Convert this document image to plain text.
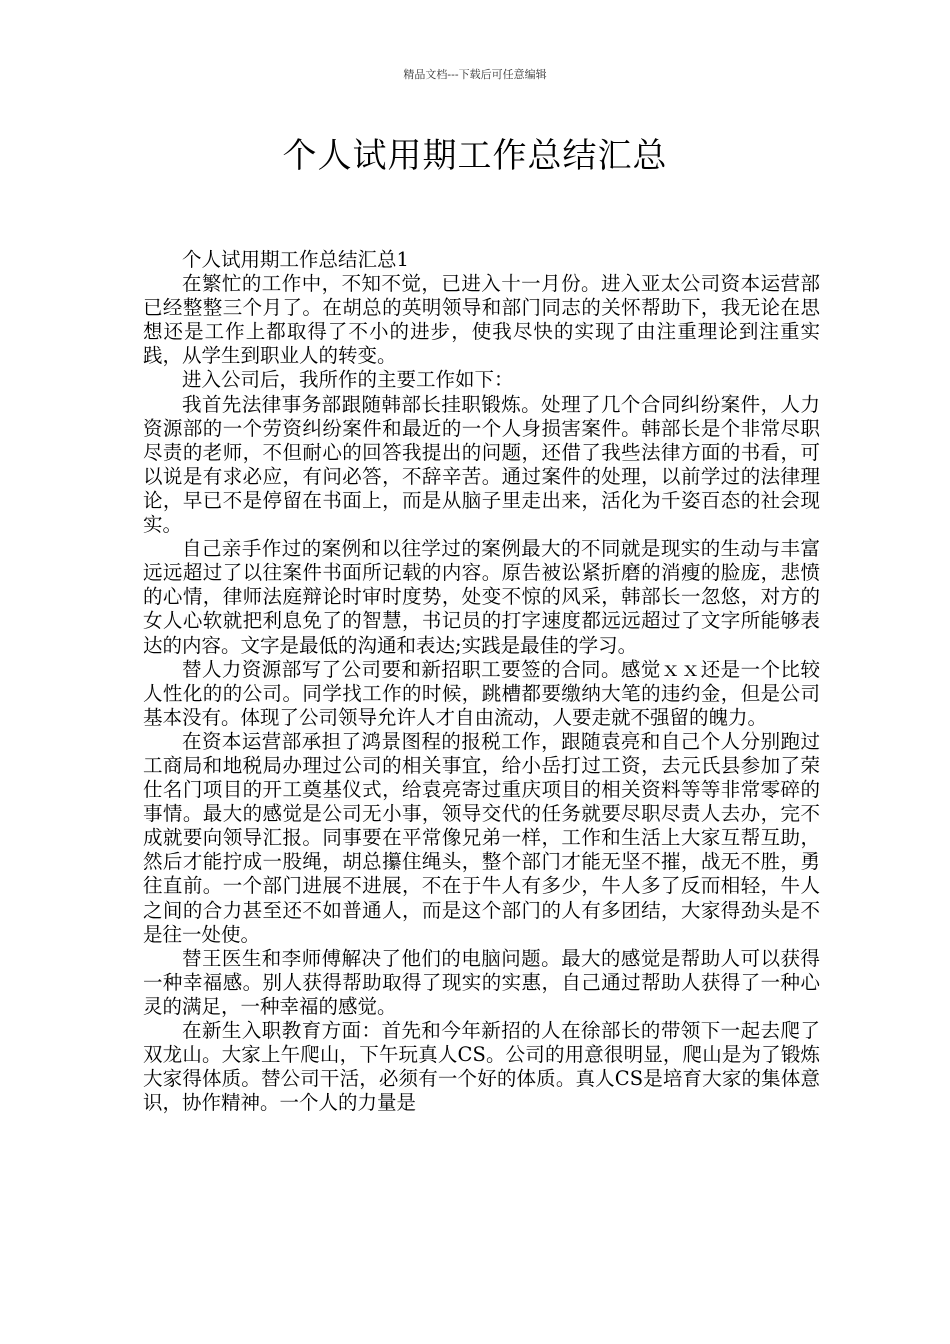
精品文档---下载后可任意编辑
个人试用期工作总结汇总

个人试用期工作总结汇总1

在繁忙的工作中，不知不觉，已进入十一月份。进入亚太公司资本运营部已经整整三个月了。在胡总的英明领导和部门同志的关怀帮助下，我无论在思想还是工作上都取得了不小的进步，使我尽快的实现了由注重理论到注重实践，从学生到职业人的转变。

进入公司后，我所作的主要工作如下：

我首先法律事务部跟随韩部长挂职锻炼。处理了几个合同纠纷案件，人力资源部的一个劳资纠纷案件和最近的一个人身损害案件。韩部长是个非常尽职尽责的老师，不但耐心的回答我提出的问题，还借了我些法律方面的书看，可以说是有求必应，有问必答，不辞辛苦。通过案件的处理，以前学过的法律理论，早已不是停留在书面上，而是从脑子里走出来，活化为千姿百态的社会现实。

自己亲手作过的案例和以往学过的案例最大的不同就是现实的生动与丰富远远超过了以往案件书面所记载的内容。原告被讼紧折磨的消瘦的脸庞，悲愤的心情，律师法庭辩论时审时度势，处变不惊的风采，韩部长一忽悠，对方的女人心软就把利息免了的智慧，书记员的打字速度都远远超过了文字所能够表达的内容。文字是最低的沟通和表达;实践是最佳的学习。

替人力资源部写了公司要和新招职工要签的合同。感觉ｘｘ还是一个比较人性化的的公司。同学找工作的时候，跳槽都要缴纳大笔的违约金，但是公司基本没有。体现了公司领导允许人才自由流动，人要走就不强留的魄力。

在资本运营部承担了鸿景图程的报税工作，跟随袁亮和自己个人分别跑过工商局和地税局办理过公司的相关事宜，给小岳打过工资，去元氏县参加了荣仕名门项目的开工奠基仪式，给袁亮寄过重庆项目的相关资料等等非常零碎的事情。最大的感觉是公司无小事，领导交代的任务就要尽职尽责人去办，完不成就要向领导汇报。同事要在平常像兄弟一样，工作和生活上大家互帮互助，然后才能拧成一股绳，胡总攥住绳头，整个部门才能无坚不摧，战无不胜，勇往直前。一个部门进展不进展，不在于牛人有多少，牛人多了反而相轻，牛人之间的合力甚至还不如普通人，而是这个部门的人有多团结，大家得劲头是不是往一处使。

替王医生和李师傅解决了他们的电脑问题。最大的感觉是帮助人可以获得一种幸福感。别人获得帮助取得了现实的实惠，自己通过帮助人获得了一种心灵的满足，一种幸福的感觉。

在新生入职教育方面：首先和今年新招的人在徐部长的带领下一起去爬了双龙山。大家上午爬山，下午玩真人CS。公司的用意很明显，爬山是为了锻炼大家得体质。替公司干活，必须有一个好的体质。真人CS是培育大家的集体意识，协作精神。一个人的力量是
